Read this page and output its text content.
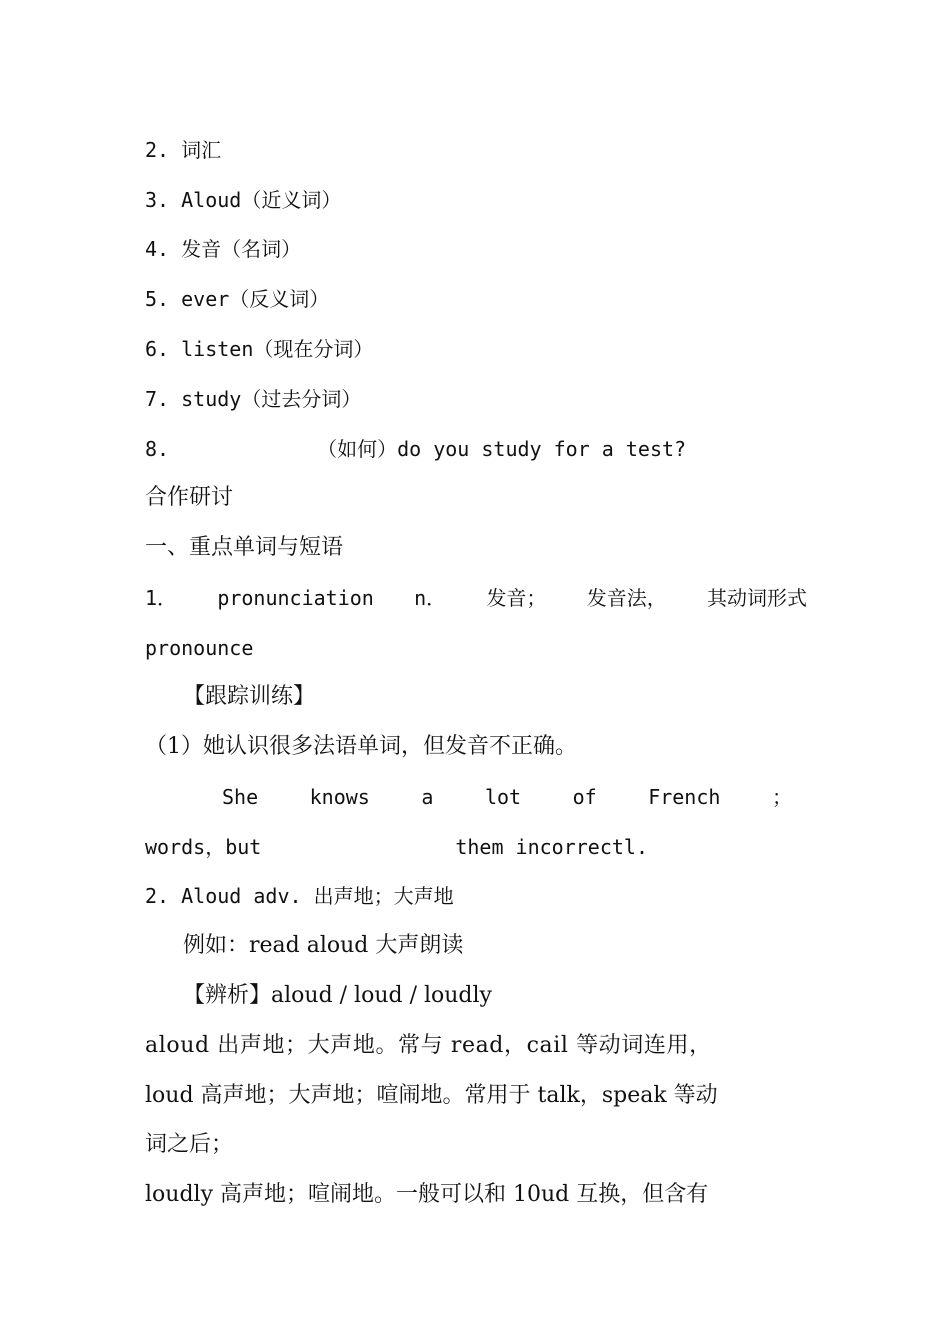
2. 词汇
3. Aloud（近义词）
4. 发音（名词）
5. ever（反义词）
6. listen（现在分词）
7. study（过去分词）
8.	（如何）do you study for a test?
合作研讨
一、重点单词与短语
1． pronunciation n． 发音； 发音法， 其动词形式
pronounce
【跟踪训练】
（1）她认识很多法语单词，但发音不正确。
She	knows	a	lot	of	French	；
words，but	them incorrectl.
2. Aloud adv. 出声地；大声地
例如：read aloud 大声朗读
【辨析】aloud / loud / loudly
aloud 出声地；大声地。常与 read，cail 等动词连用，
loud 高声地；大声地；喧闹地。常用于 talk，speak 等动
词之后；
loudly 高声地；喧闹地。一般可以和 10ud 互换，但含有
